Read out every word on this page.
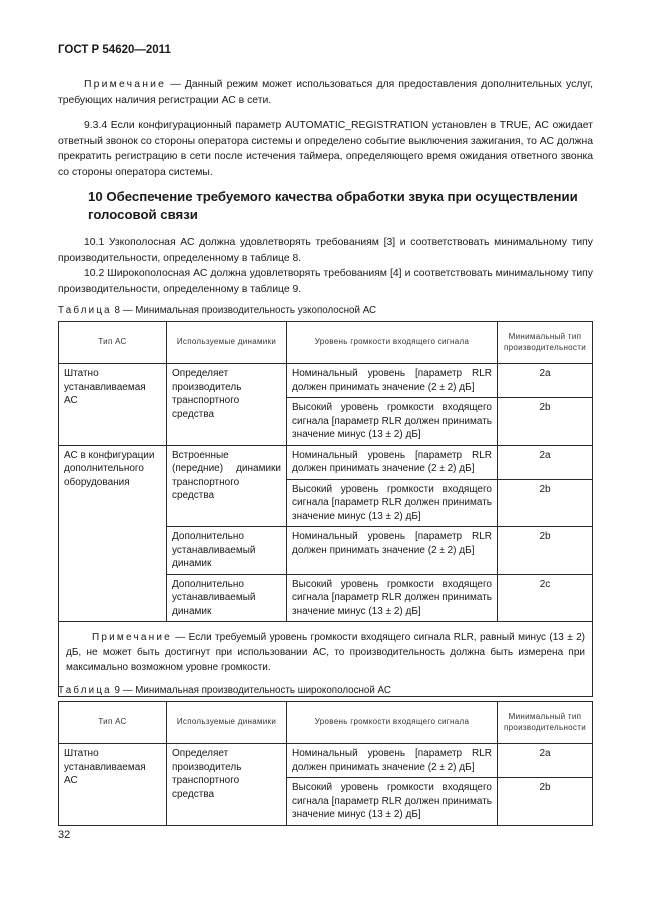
ГОСТ Р 54620—2011

Примечание — Данный режим может использоваться для предоставления дополнительных услуг, требующих наличия регистрации АС в сети.

9.3.4 Если конфигурационный параметр AUTOMATIC_REGISTRATION установлен в TRUE, АС ожидает ответный звонок со стороны оператора системы и определено событие выключения зажигания, то АС должна прекратить регистрацию в сети после истечения таймера, определяющего время ожидания ответного звонка со стороны оператора системы.

10 Обеспечение требуемого качества обработки звука при осуществлении голосовой связи

10.1 Узкополосная АС должна удовлетворять требованиям [3] и соответствовать минимальному типу производительности, определенному в таблице 8.

10.2 Широкополосная АС должна удовлетворять требованиям [4] и соответствовать минимальному типу производительности, определенному в таблице 9.

Таблица 8 — Минимальная производительность узкополосной АС
Тип АС	Используемые динамики	Уровень громкости входящего сигнала	Минимальный тип производительности
Штатно устанавливаемая АС	Определяет производитель транспортного средства	Номинальный уровень [параметр RLR должен принимать значение (2 ± 2) дБ]	2a
		Высокий уровень громкости входящего сигнала [параметр RLR должен принимать значение минус (13 ± 2) дБ]	2b
АС в конфигурации дополнительного оборудования	Встроенные (передние) динамики транспортного средства	Номинальный уровень [параметр RLR должен принимать значение (2 ± 2) дБ]	2a
		Высокий уровень громкости входящего сигнала [параметр RLR должен принимать значение минус (13 ± 2) дБ]	2b
	Дополнительно устанавливаемый динамик	Номинальный уровень [параметр RLR должен принимать значение (2 ± 2) дБ]	2b
	Дополнительно устанавливаемый динамик	Высокий уровень громкости входящего сигнала [параметр RLR должен принимать значение минус (13 ± 2) дБ]	2c
Примечание — Если требуемый уровень громкости входящего сигнала RLR, равный минус (13 ± 2) дБ, не может быть достигнут при использовании АС, то производительность должна быть измерена при максимально возможном уровне громкости.			
Таблица 9 — Минимальная производительность широкополосной АС
Тип АС	Используемые динамики	Уровень громкости входящего сигнала	Минимальный тип производительности
Штатно устанавливаемая АС	Определяет производитель транспортного средства	Номинальный уровень [параметр RLR должен принимать значение (2 ± 2) дБ]	2a
		Высокий уровень громкости входящего сигнала [параметр RLR должен принимать значение минус (13 ± 2) дБ]	2b
32
